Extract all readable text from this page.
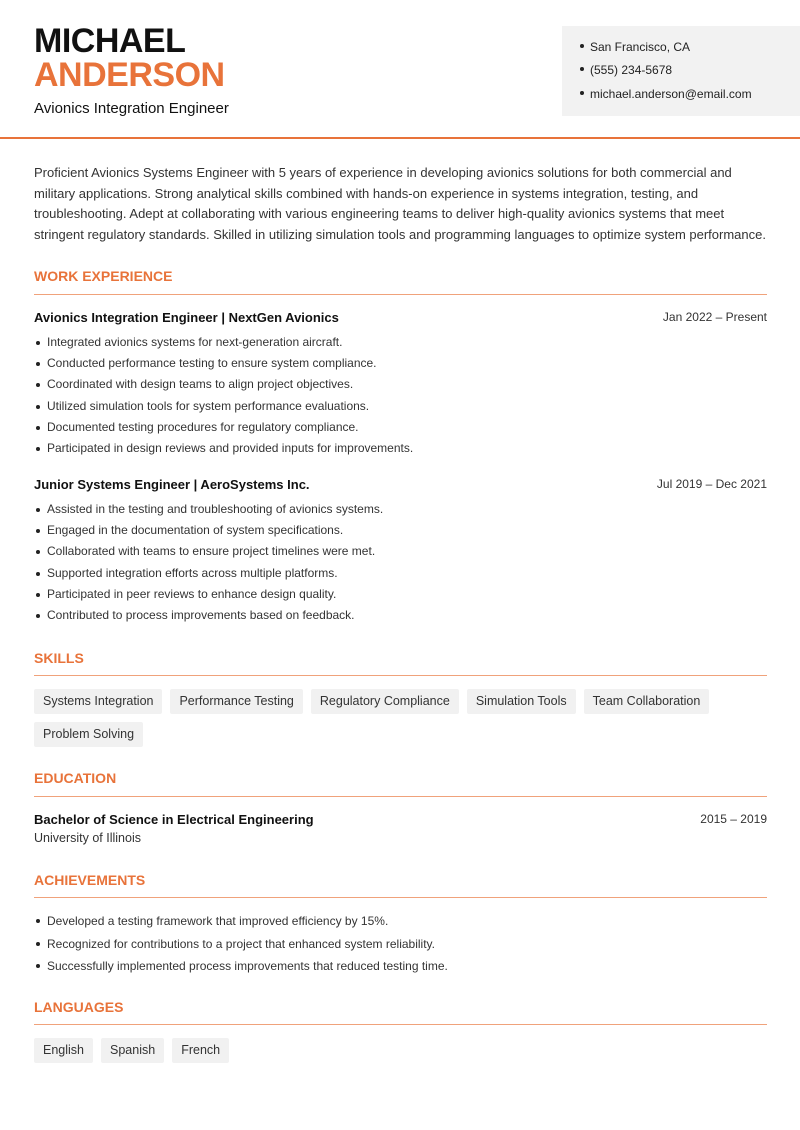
MICHAEL
ANDERSON
Avionics Integration Engineer
San Francisco, CA
(555) 234-5678
michael.anderson@email.com
Proficient Avionics Systems Engineer with 5 years of experience in developing avionics solutions for both commercial and military applications. Strong analytical skills combined with hands-on experience in systems integration, testing, and troubleshooting. Adept at collaborating with various engineering teams to deliver high-quality avionics systems that meet stringent regulatory standards. Skilled in utilizing simulation tools and programming languages to optimize system performance.
WORK EXPERIENCE
Avionics Integration Engineer | NextGen Avionics	Jan 2022 – Present
Integrated avionics systems for next-generation aircraft.
Conducted performance testing to ensure system compliance.
Coordinated with design teams to align project objectives.
Utilized simulation tools for system performance evaluations.
Documented testing procedures for regulatory compliance.
Participated in design reviews and provided inputs for improvements.
Junior Systems Engineer | AeroSystems Inc.	Jul 2019 – Dec 2021
Assisted in the testing and troubleshooting of avionics systems.
Engaged in the documentation of system specifications.
Collaborated with teams to ensure project timelines were met.
Supported integration efforts across multiple platforms.
Participated in peer reviews to enhance design quality.
Contributed to process improvements based on feedback.
SKILLS
Systems Integration	Performance Testing	Regulatory Compliance	Simulation Tools	Team Collaboration
Problem Solving
EDUCATION
Bachelor of Science in Electrical Engineering	2015 – 2019
University of Illinois
ACHIEVEMENTS
Developed a testing framework that improved efficiency by 15%.
Recognized for contributions to a project that enhanced system reliability.
Successfully implemented process improvements that reduced testing time.
LANGUAGES
English	Spanish	French
